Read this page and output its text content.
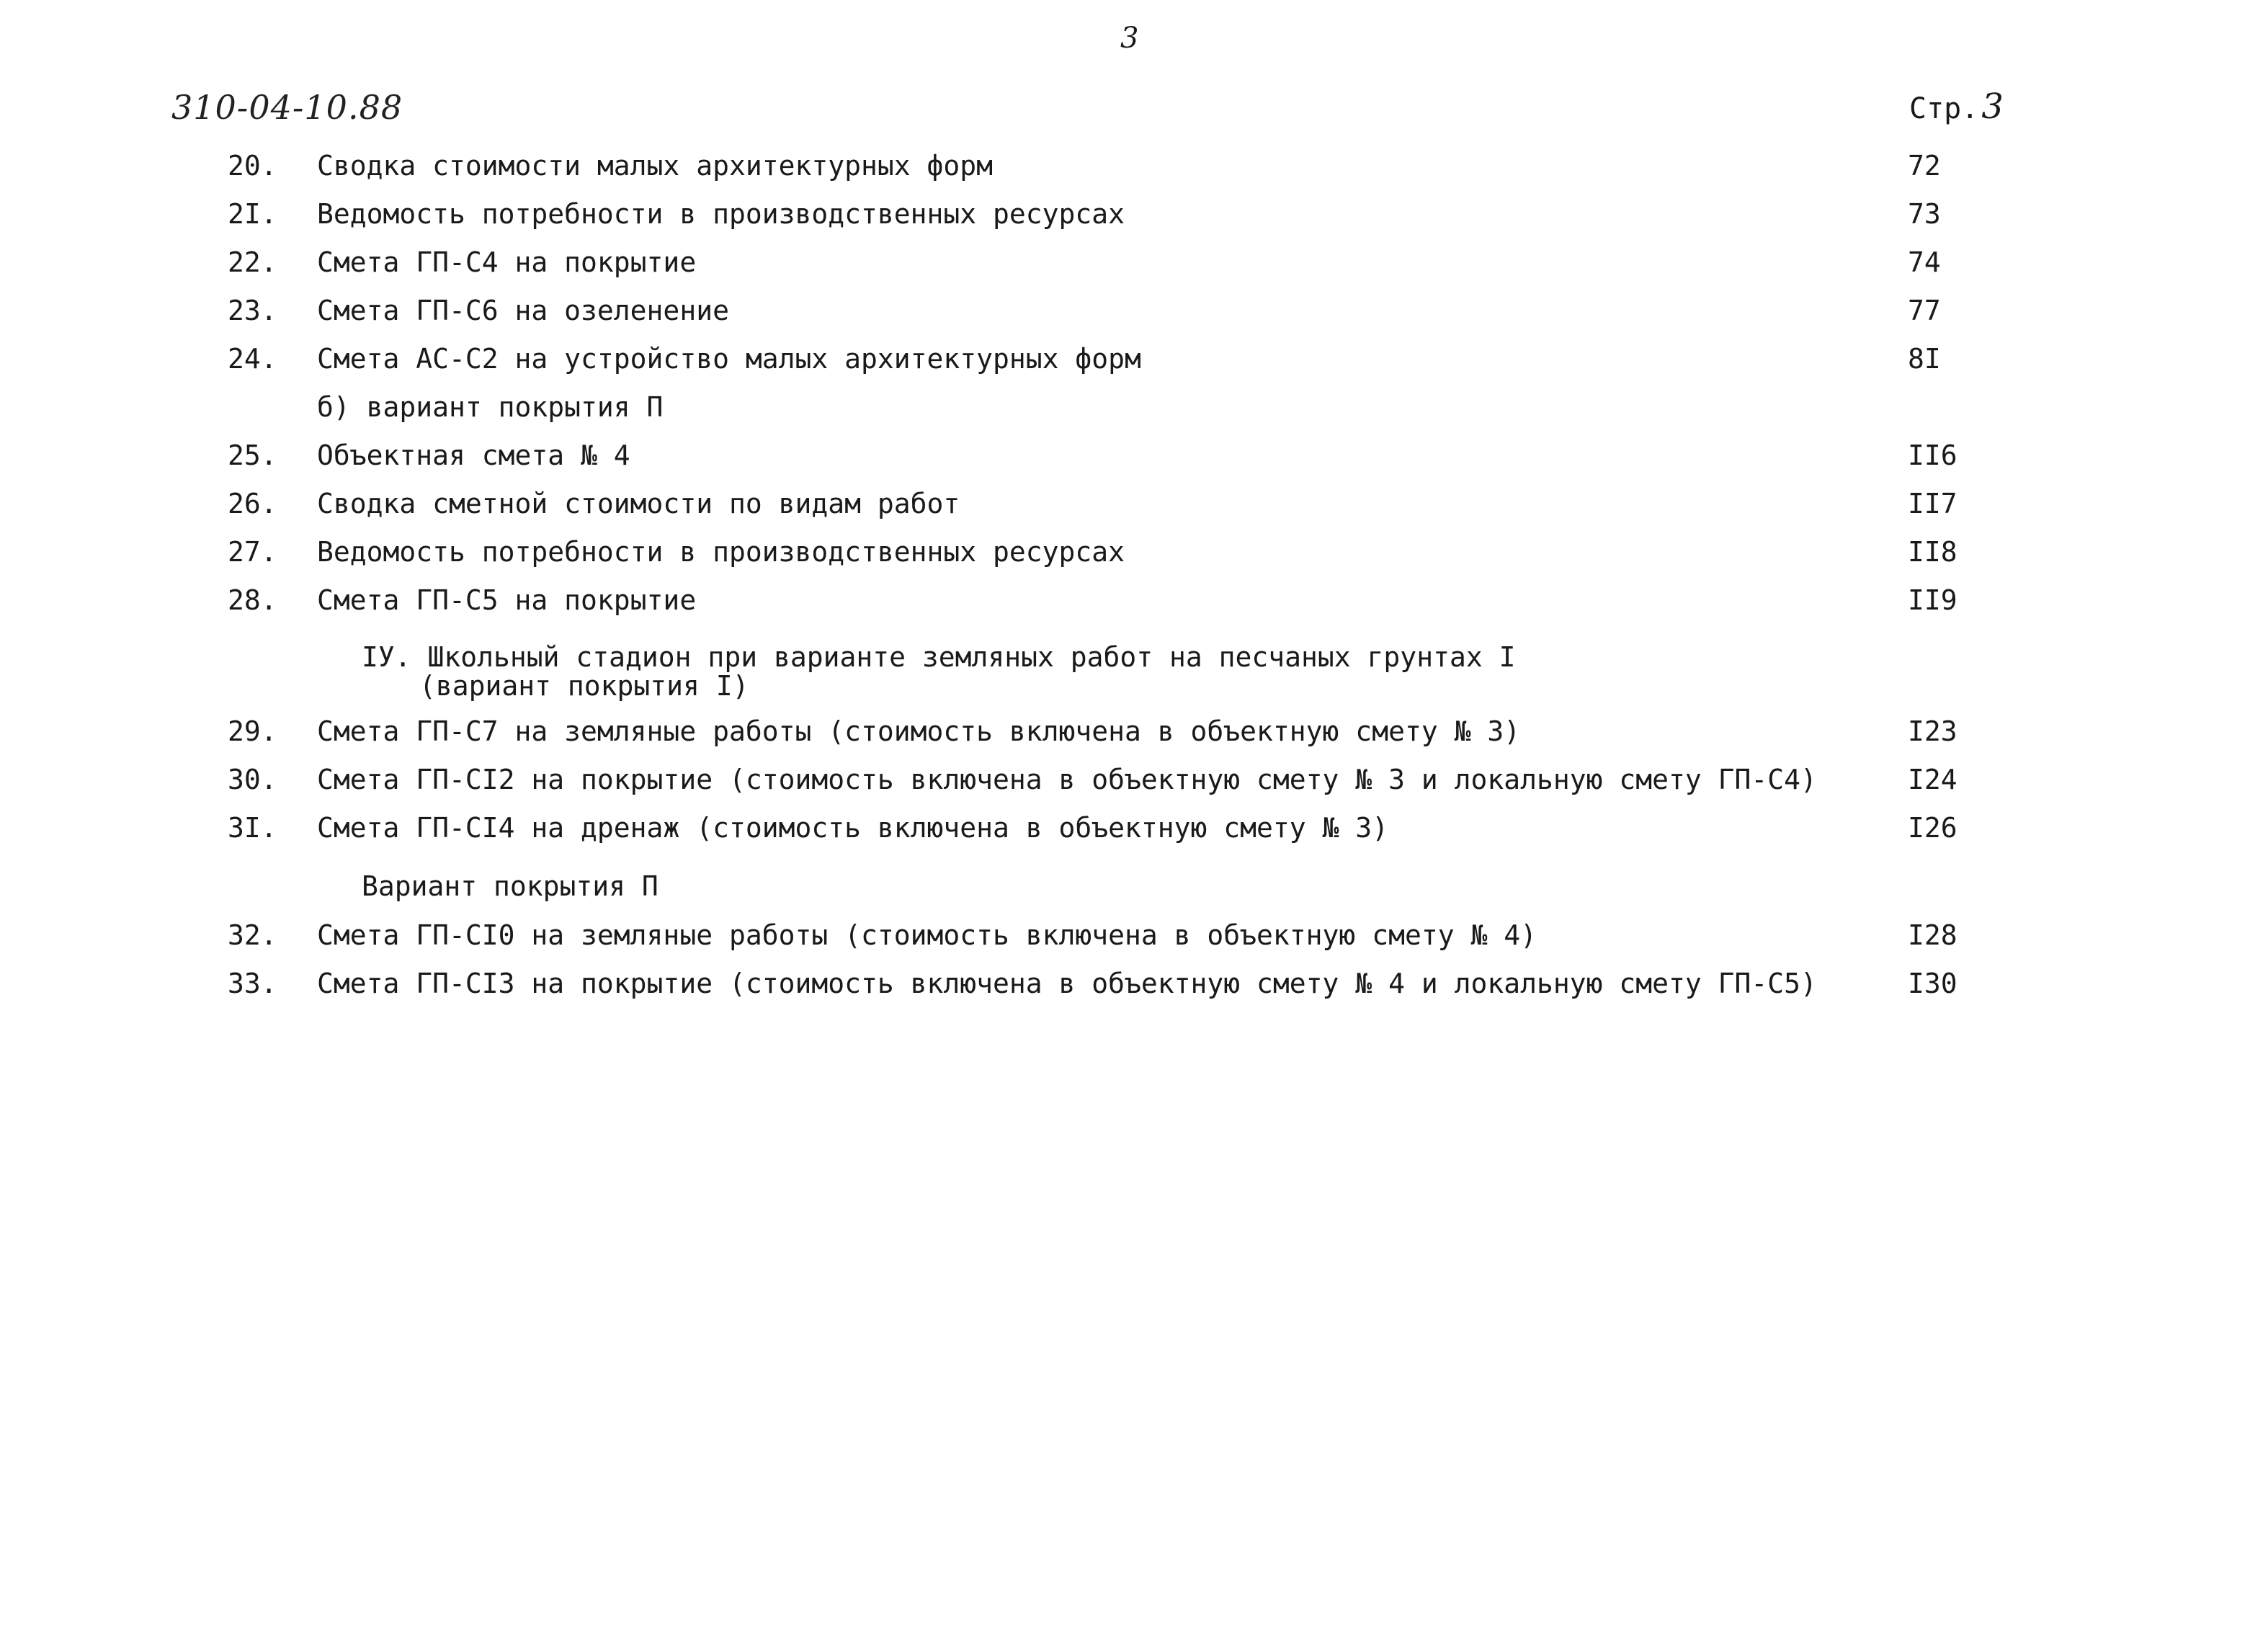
3
310-04-10.88	Стр.3
20.	Сводка стоимости малых архитектурных форм	72
2I.	Ведомость потребности в производственных ресурсах	73
22.	Смета ГП-С4 на покрытие	74
23.	Смета ГП-С6 на озеленение	77
24.	Смета АС-С2 на устройство малых архитектурных форм	8I
б) вариант покрытия П
25.	Объектная смета № 4	II6
26.	Сводка сметной стоимости по видам работ	II7
27.	Ведомость потребности в производственных ресурсах	II8
28.	Смета ГП-С5 на покрытие	II9
IУ. Школьный стадион при варианте земляных работ на песчаных грунтах I
(вариант покрытия I)
29.	Смета ГП-С7 на земляные работы (стоимость включена в объектную смету № 3)	I23
30.	Смета ГП-СI2 на покрытие (стоимость включена в объектную смету № 3 и локальную смету ГП-С4)	I24
3I.	Смета ГП-СI4 на дренаж (стоимость включена в объектную смету № 3)	I26
Вариант покрытия П
32.	Смета ГП-СI0 на земляные работы (стоимость включена в объектную смету № 4)	I28
33.	Смета ГП-СI3 на покрытие (стоимость включена в объектную смету № 4 и локальную смету ГП-С5)	I30
